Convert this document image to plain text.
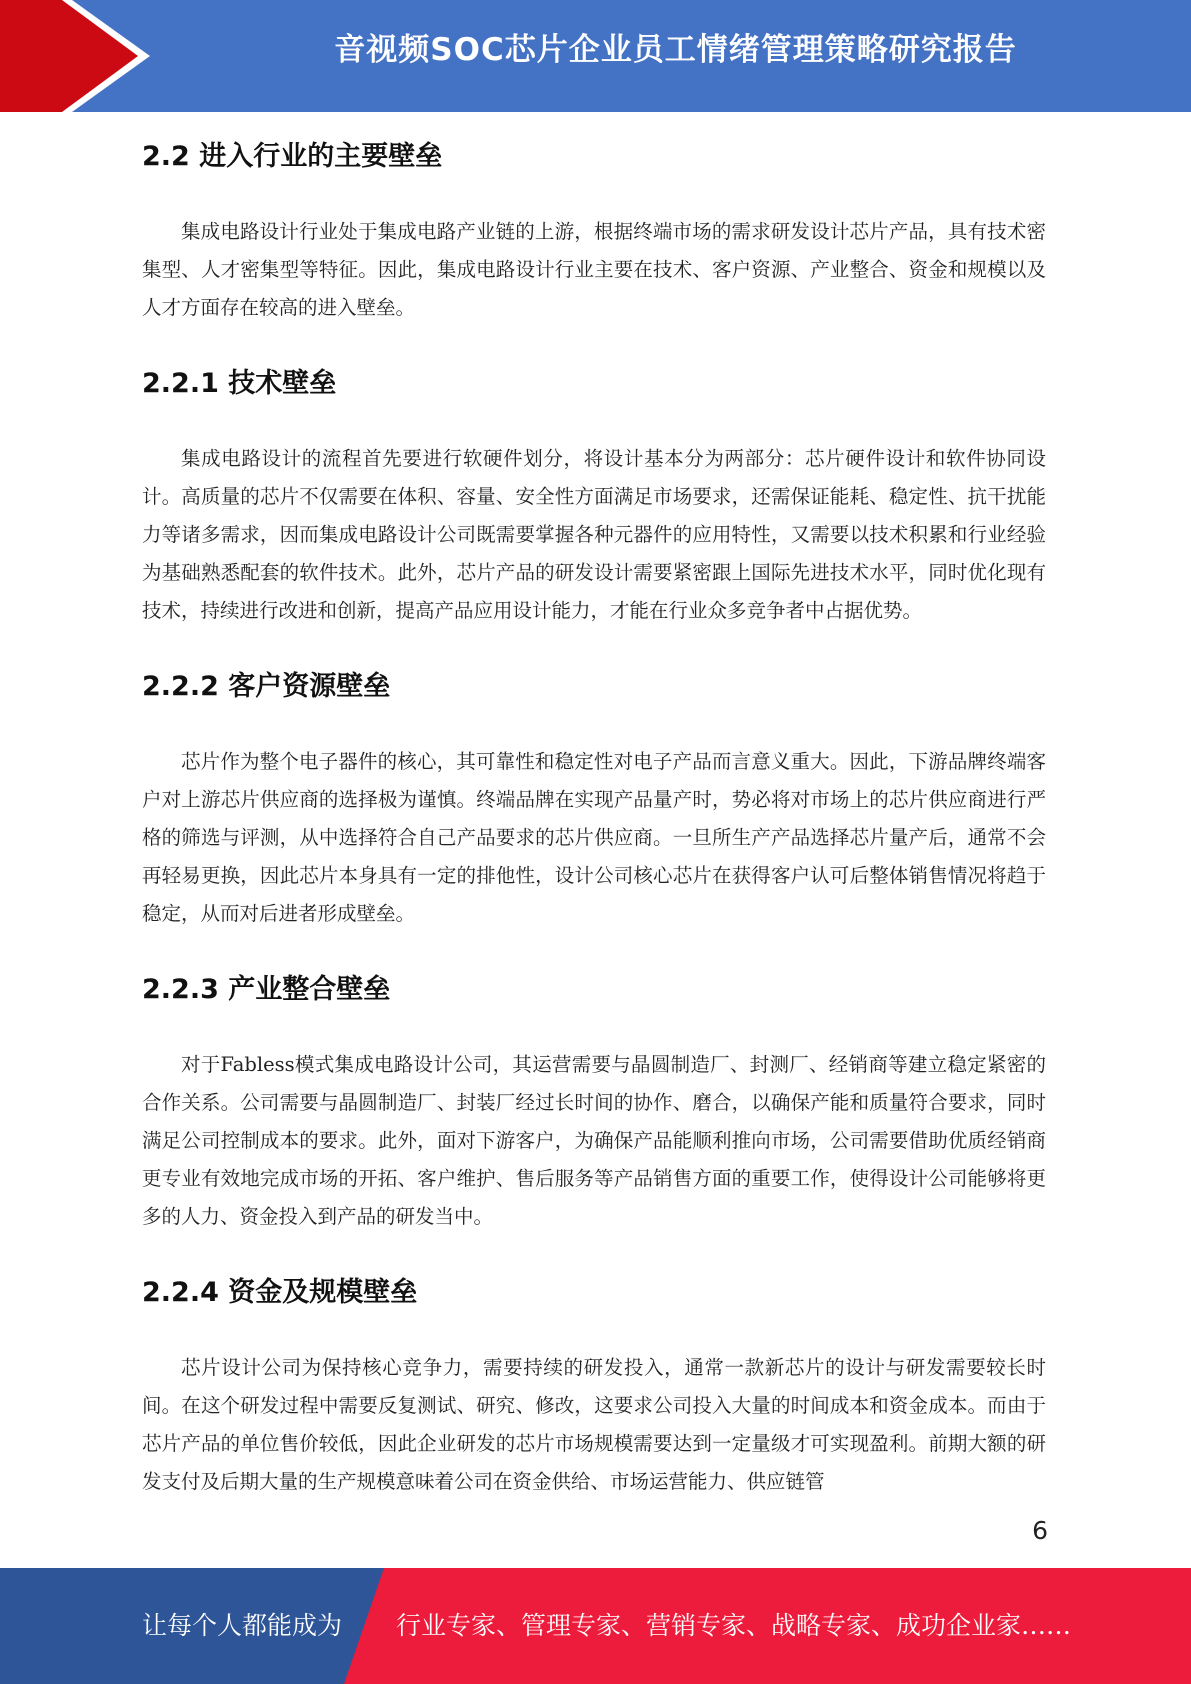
音视频SOC芯片企业员工情绪管理策略研究报告
2.2 进入行业的主要壁垒

集成电路设计行业处于集成电路产业链的上游，根据终端市场的需求研发设计芯片产品，具有技术密集型、人才密集型等特征。因此，集成电路设计行业主要在技术、客户资源、产业整合、资金和规模以及人才方面存在较高的进入壁垒。

2.2.1 技术壁垒

集成电路设计的流程首先要进行软硬件划分，将设计基本分为两部分：芯片硬件设计和软件协同设计。高质量的芯片不仅需要在体积、容量、安全性方面满足市场要求，还需保证能耗、稳定性、抗干扰能力等诸多需求，因而集成电路设计公司既需要掌握各种元器件的应用特性，又需要以技术积累和行业经验为基础熟悉配套的软件技术。此外，芯片产品的研发设计需要紧密跟上国际先进技术水平，同时优化现有技术，持续进行改进和创新，提高产品应用设计能力，才能在行业众多竞争者中占据优势。

2.2.2 客户资源壁垒

芯片作为整个电子器件的核心，其可靠性和稳定性对电子产品而言意义重大。因此，下游品牌终端客户对上游芯片供应商的选择极为谨慎。终端品牌在实现产品量产时，势必将对市场上的芯片供应商进行严格的筛选与评测，从中选择符合自己产品要求的芯片供应商。一旦所生产产品选择芯片量产后，通常不会再轻易更换，因此芯片本身具有一定的排他性，设计公司核心芯片在获得客户认可后整体销售情况将趋于稳定，从而对后进者形成壁垒。

2.2.3 产业整合壁垒

对于Fabless模式集成电路设计公司，其运营需要与晶圆制造厂、封测厂、经销商等建立稳定紧密的合作关系。公司需要与晶圆制造厂、封装厂经过长时间的协作、磨合，以确保产能和质量符合要求，同时满足公司控制成本的要求。此外，面对下游客户，为确保产品能顺利推向市场，公司需要借助优质经销商更专业有效地完成市场的开拓、客户维护、售后服务等产品销售方面的重要工作，使得设计公司能够将更多的人力、资金投入到产品的研发当中。

2.2.4 资金及规模壁垒

芯片设计公司为保持核心竞争力，需要持续的研发投入，通常一款新芯片的设计与研发需要较长时间。在这个研发过程中需要反复测试、研究、修改，这要求公司投入大量的时间成本和资金成本。而由于芯片产品的单位售价较低，因此企业研发的芯片市场规模需要达到一定量级才可实现盈利。前期大额的研发支付及后期大量的生产规模意味着公司在资金供给、市场运营能力、供应链管

6
让每个人都能成为 行业专家、管理专家、营销专家、战略专家、成功企业家……
